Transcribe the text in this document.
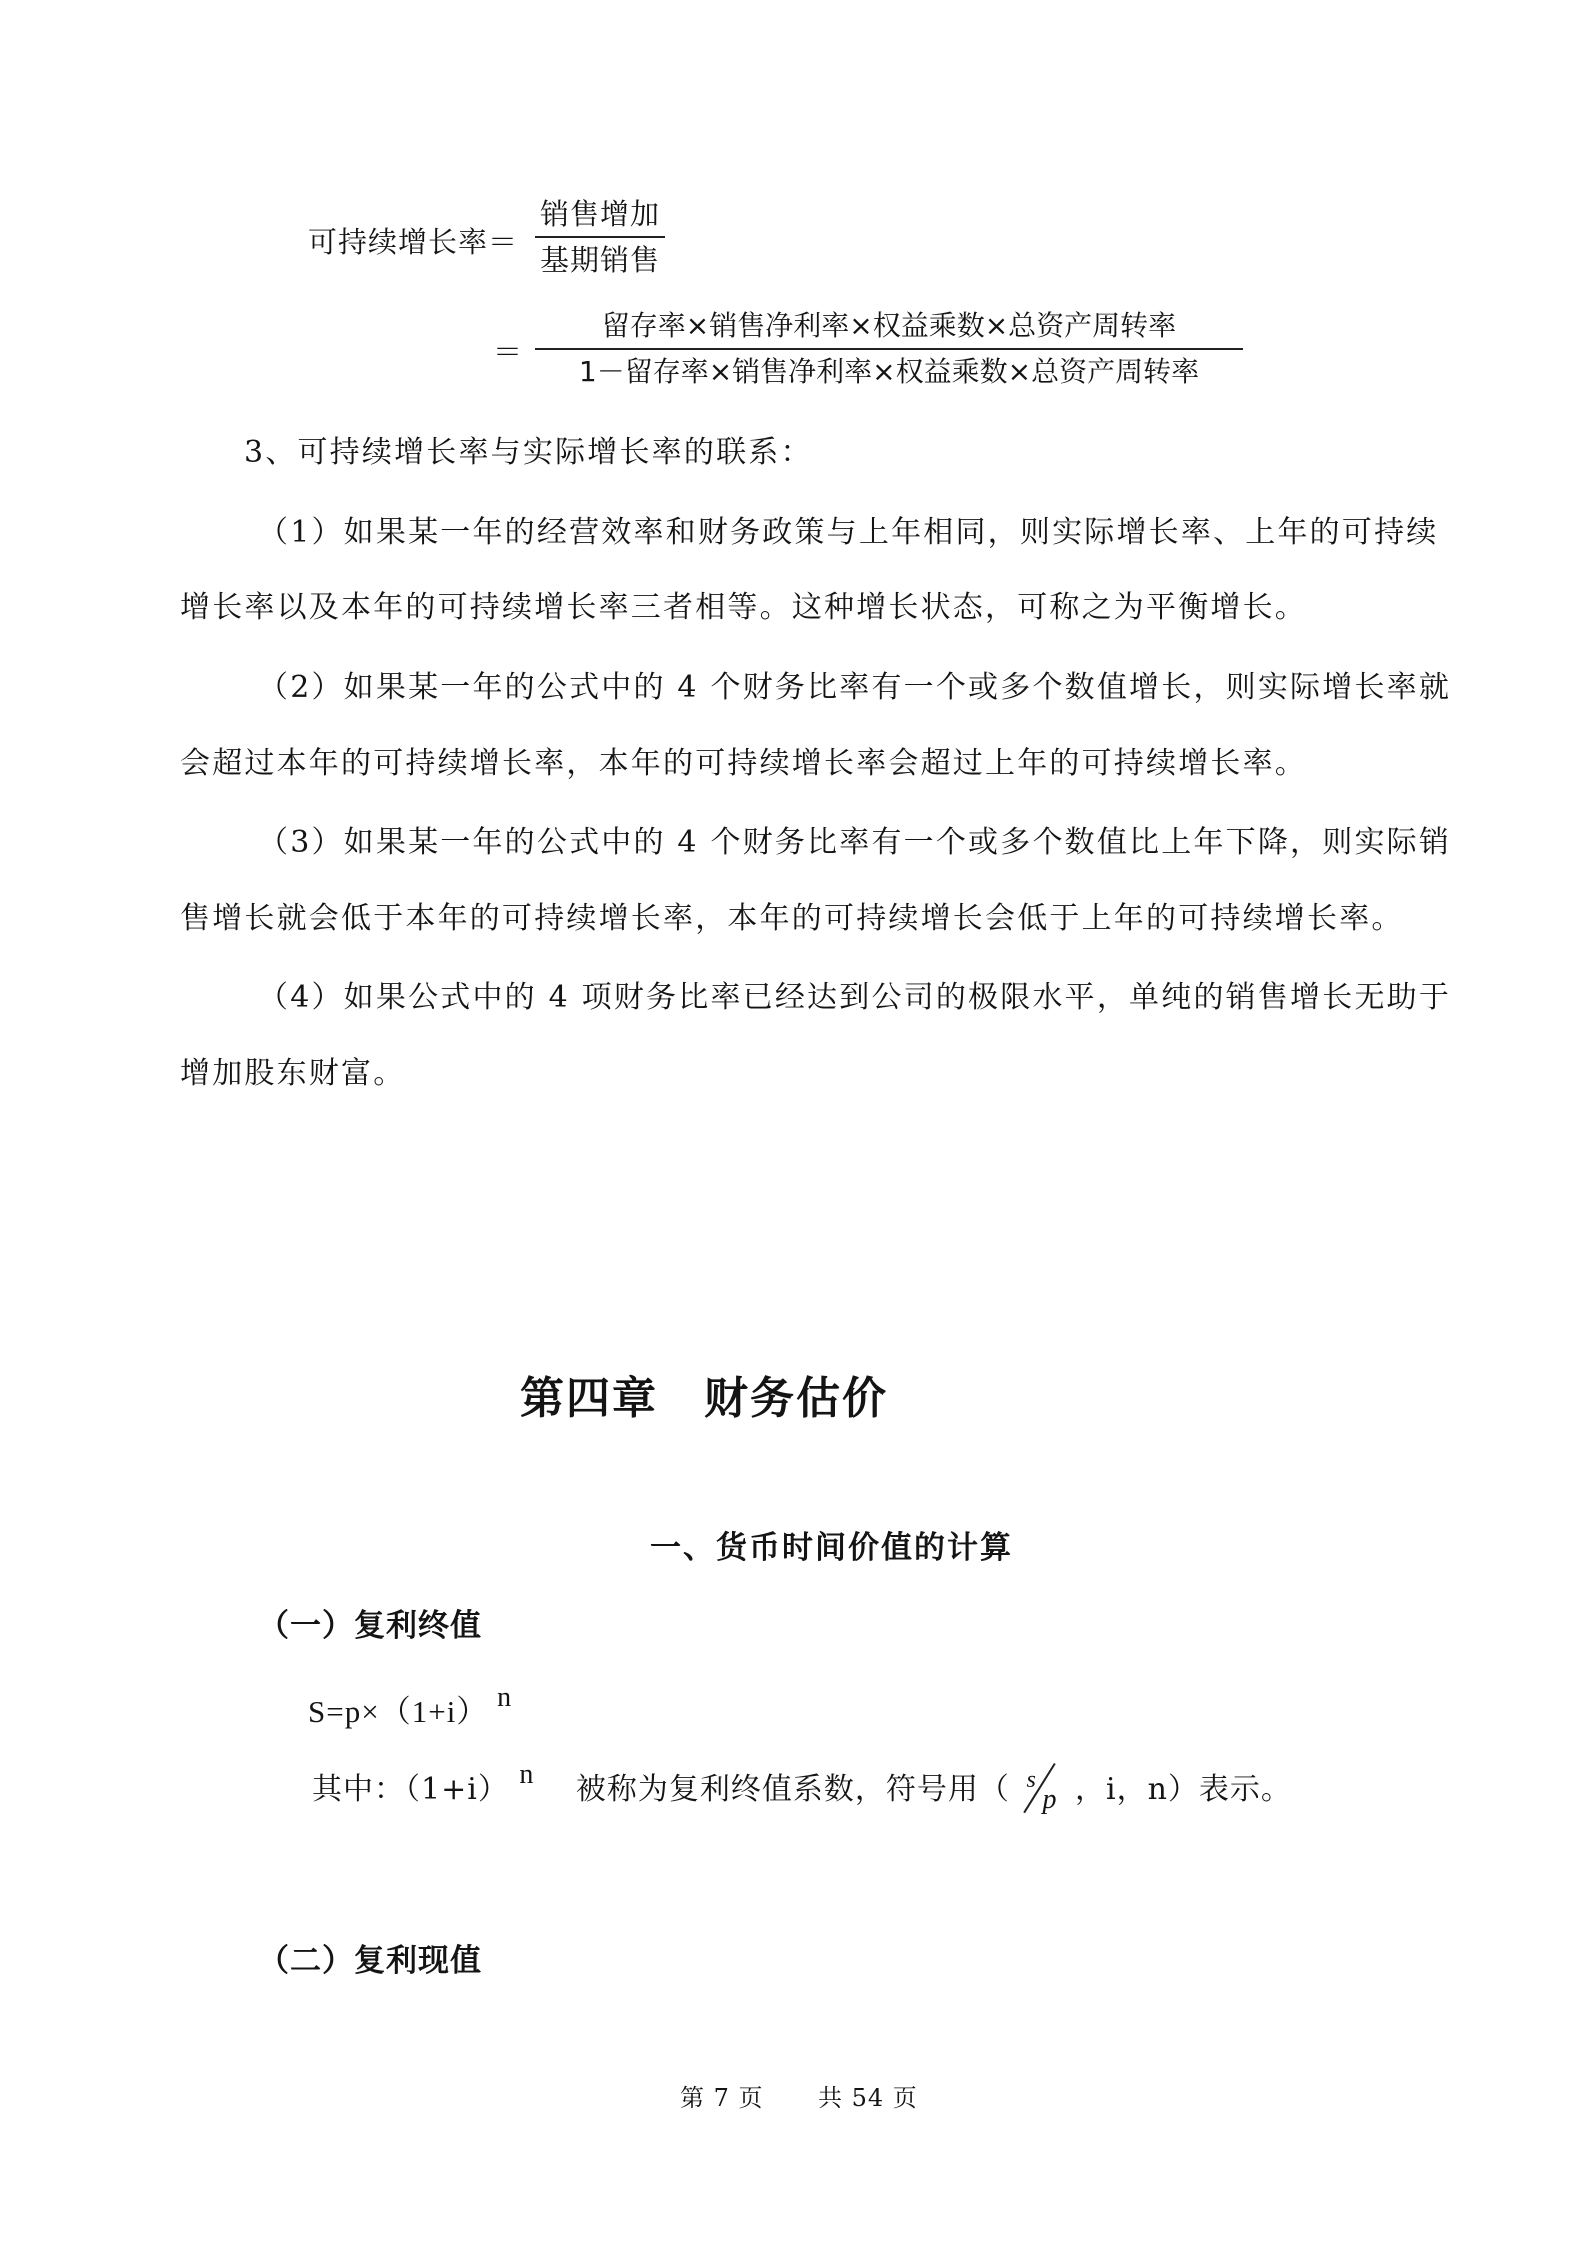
可持续增长率＝
销售增加
基期销售
＝
留存率×销售净利率×权益乘数×总资产周转率
1－留存率×销售净利率×权益乘数×总资产周转率
3、可持续增长率与实际增长率的联系：
（1）如果某一年的经营效率和财务政策与上年相同，则实际增长率、上年的可持续
增长率以及本年的可持续增长率三者相等。这种增长状态，可称之为平衡增长。
（2）如果某一年的公式中的 4 个财务比率有一个或多个数值增长，则实际增长率就
会超过本年的可持续增长率，本年的可持续增长率会超过上年的可持续增长率。
（3）如果某一年的公式中的 4 个财务比率有一个或多个数值比上年下降，则实际销
售增长就会低于本年的可持续增长率，本年的可持续增长会低于上年的可持续增长率。
（4）如果公式中的 4 项财务比率已经达到公司的极限水平，单纯的销售增长无助于
增加股东财富。
第四章　财务估价
一、货币时间价值的计算
（一）复利终值
S=p×（1+i） n
其中：（1+i） n 　被称为复利终值系数，符号用（ s
p ，i，n）表示。
（二）复利现值
第 7 页 共 54 页
